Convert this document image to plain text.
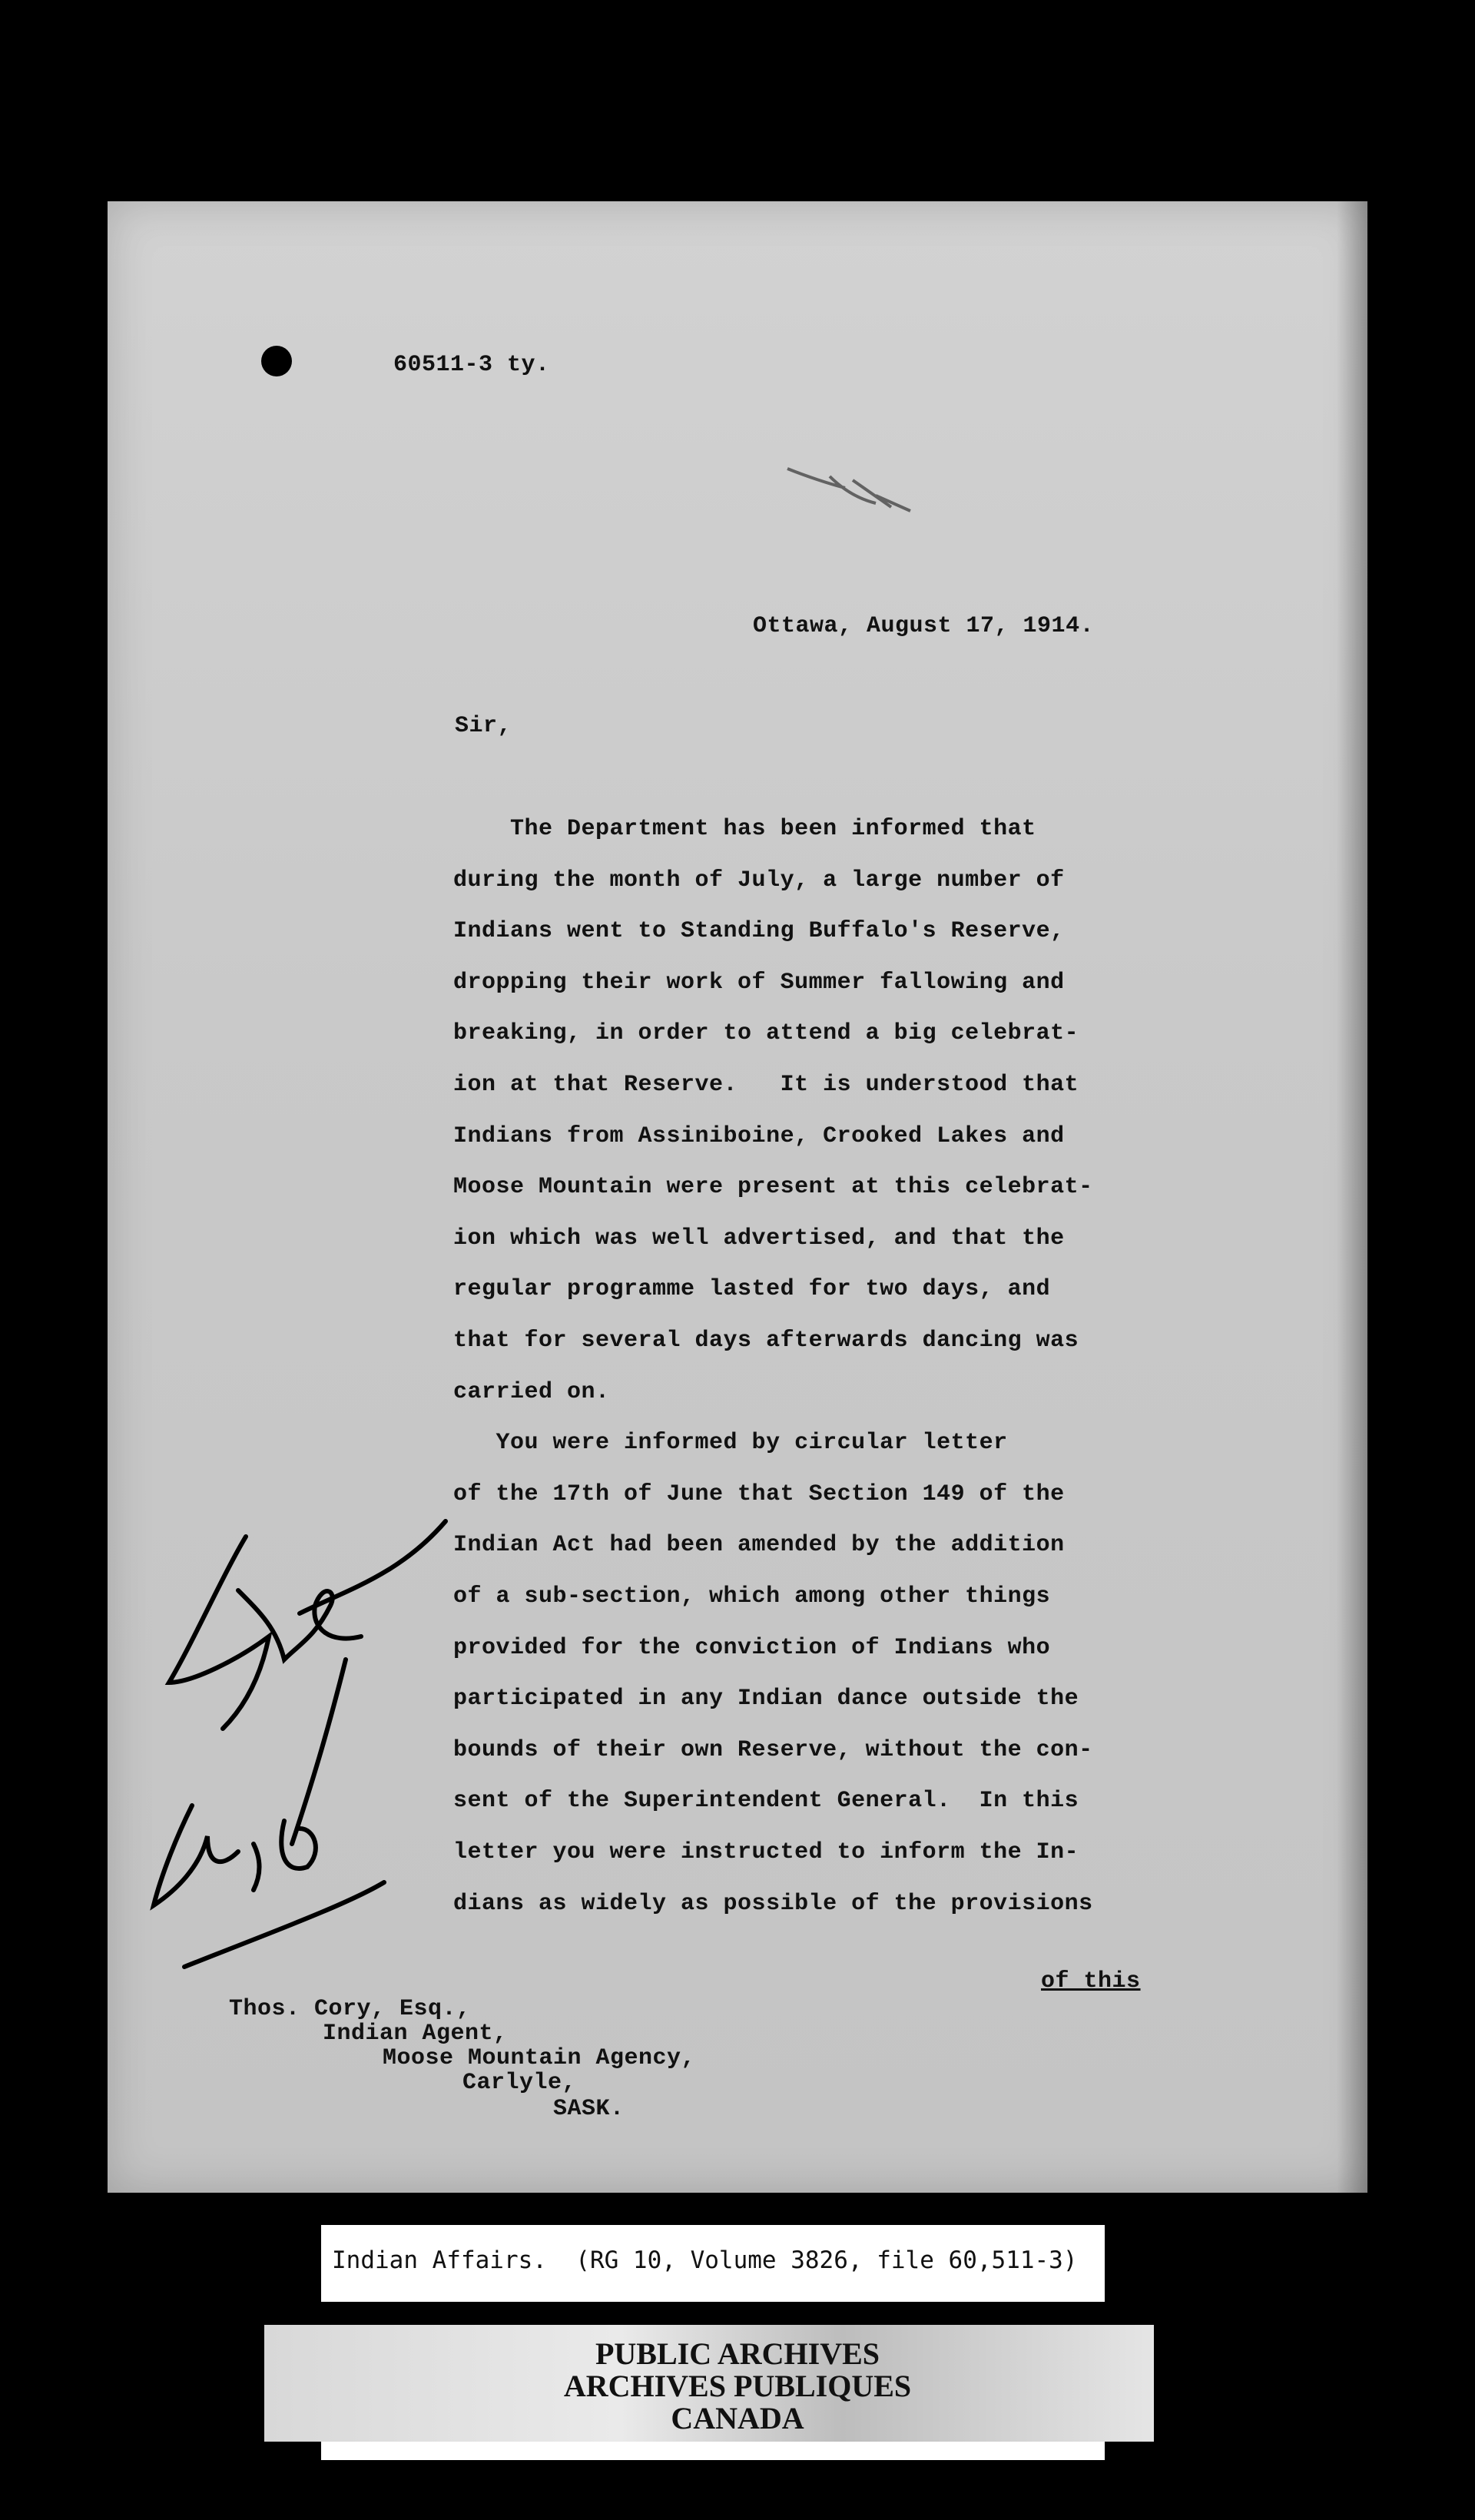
60511-3 ty.
Ottawa, August 17, 1914.
Sir,
The Department has been informed that
during the month of July, a large number of
Indians went to Standing Buffalo's Reserve,
dropping their work of Summer fallowing and
breaking, in order to attend a big celebrat-
ion at that Reserve.   It is understood that
Indians from Assiniboine, Crooked Lakes and
Moose Mountain were present at this celebrat-
ion which was well advertised, and that the
regular programme lasted for two days, and
that for several days afterwards dancing was
carried on.
You were informed by circular letter
of the 17th of June that Section 149 of the
Indian Act had been amended by the addition
of a sub-section, which among other things
provided for the conviction of Indians who
participated in any Indian dance outside the
bounds of their own Reserve, without the con-
sent of the Superintendent General.  In this
letter you were instructed to inform the In-
dians as widely as possible of the provisions

of this

Thos. Cory, Esq.,
Indian Agent,
Moose Mountain Agency,
Carlyle,
SASK.
Indian Affairs.  (RG 10, Volume 3826, file 60,511-3)
PUBLIC ARCHIVES
ARCHIVES PUBLIQUES
CANADA
